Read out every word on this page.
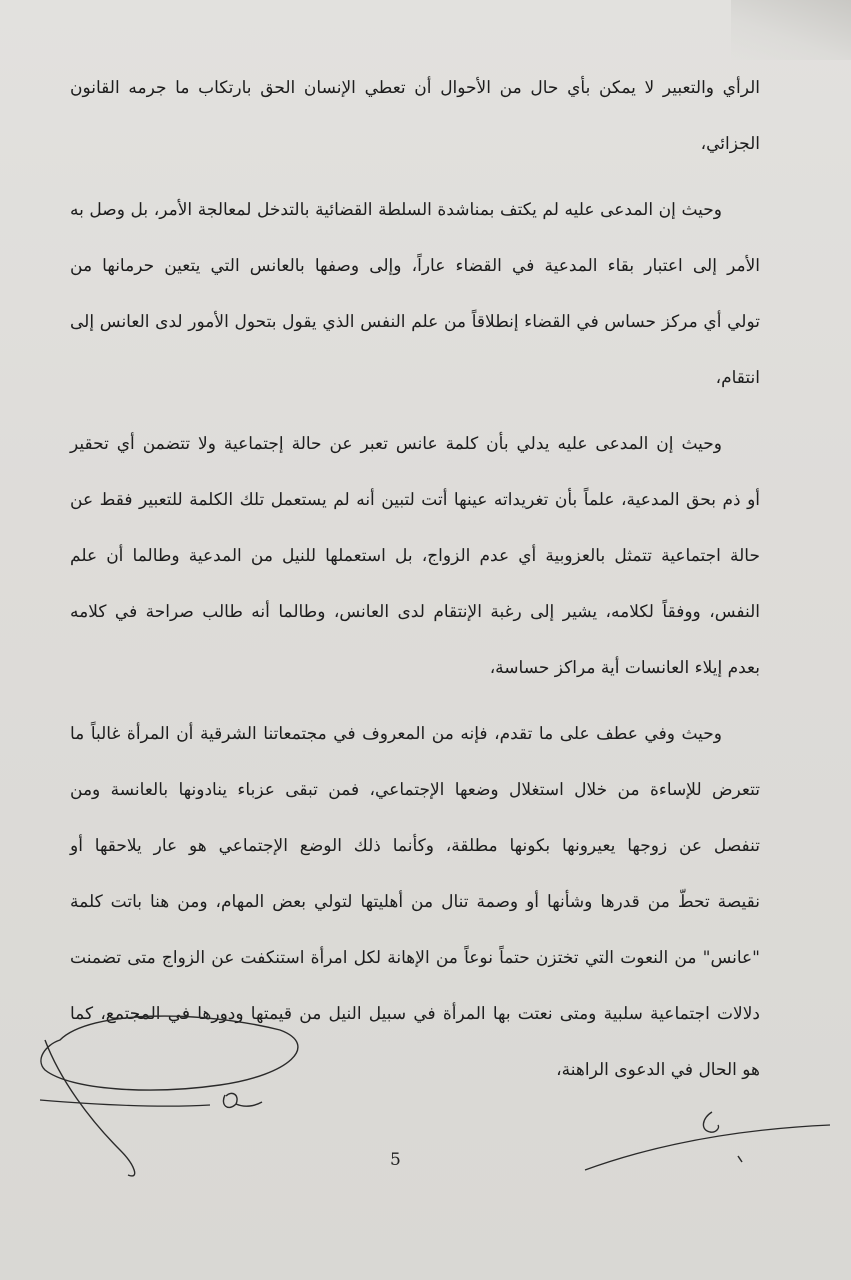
الرأي والتعبير لا يمكن بأي حال من الأحوال أن تعطي الإنسان الحق بارتكاب ما جرمه القانون
الجزائي،
وحيث إن المدعى عليه لم يكتف بمناشدة السلطة القضائية بالتدخل لمعالجة الأمر، بل وصل به
الأمر إلى اعتبار بقاء المدعية في القضاء عاراً، وإلى وصفها بالعانس التي يتعين حرمانها من
تولي أي مركز حساس في القضاء إنطلاقاً من علم النفس الذي يقول بتحول الأمور لدى العانس إلى
انتقام،
وحيث إن المدعى عليه يدلي بأن كلمة عانس تعبر عن حالة إجتماعية ولا تتضمن أي تحقير
أو ذم بحق المدعية، علماً بأن تغريداته عينها أتت لتبين أنه لم يستعمل تلك الكلمة للتعبير فقط عن
حالة اجتماعية تتمثل بالعزوبية أي عدم الزواج، بل استعملها للنيل من المدعية وطالما أن علم
النفس، ووفقاً لكلامه، يشير إلى رغبة الإنتقام لدى العانس، وطالما أنه طالب صراحة في كلامه
بعدم إيلاء العانسات أية مراكز حساسة،
وحيث وفي عطف على ما تقدم، فإنه من المعروف في مجتمعاتنا الشرقية أن المرأة غالباً ما
تتعرض للإساءة من خلال استغلال وضعها الإجتماعي، فمن تبقى عزباء ينادونها بالعانسة ومن
تنفصل عن زوجها يعيرونها بكونها مطلقة، وكأنما ذلك الوضع الإجتماعي هو عار يلاحقها أو
نقيصة تحطّ من قدرها وشأنها أو وصمة تنال من أهليتها لتولي بعض المهام، ومن هنا باتت كلمة
"عانس" من النعوت التي تختزن حتماً نوعاً من الإهانة لكل امرأة استنكفت عن الزواج متى تضمنت
دلالات اجتماعية سلبية ومتى نعتت بها المرأة في سبيل النيل من قيمتها ودورها في المجتمع، كما
هو الحال في الدعوى الراهنة،
5
